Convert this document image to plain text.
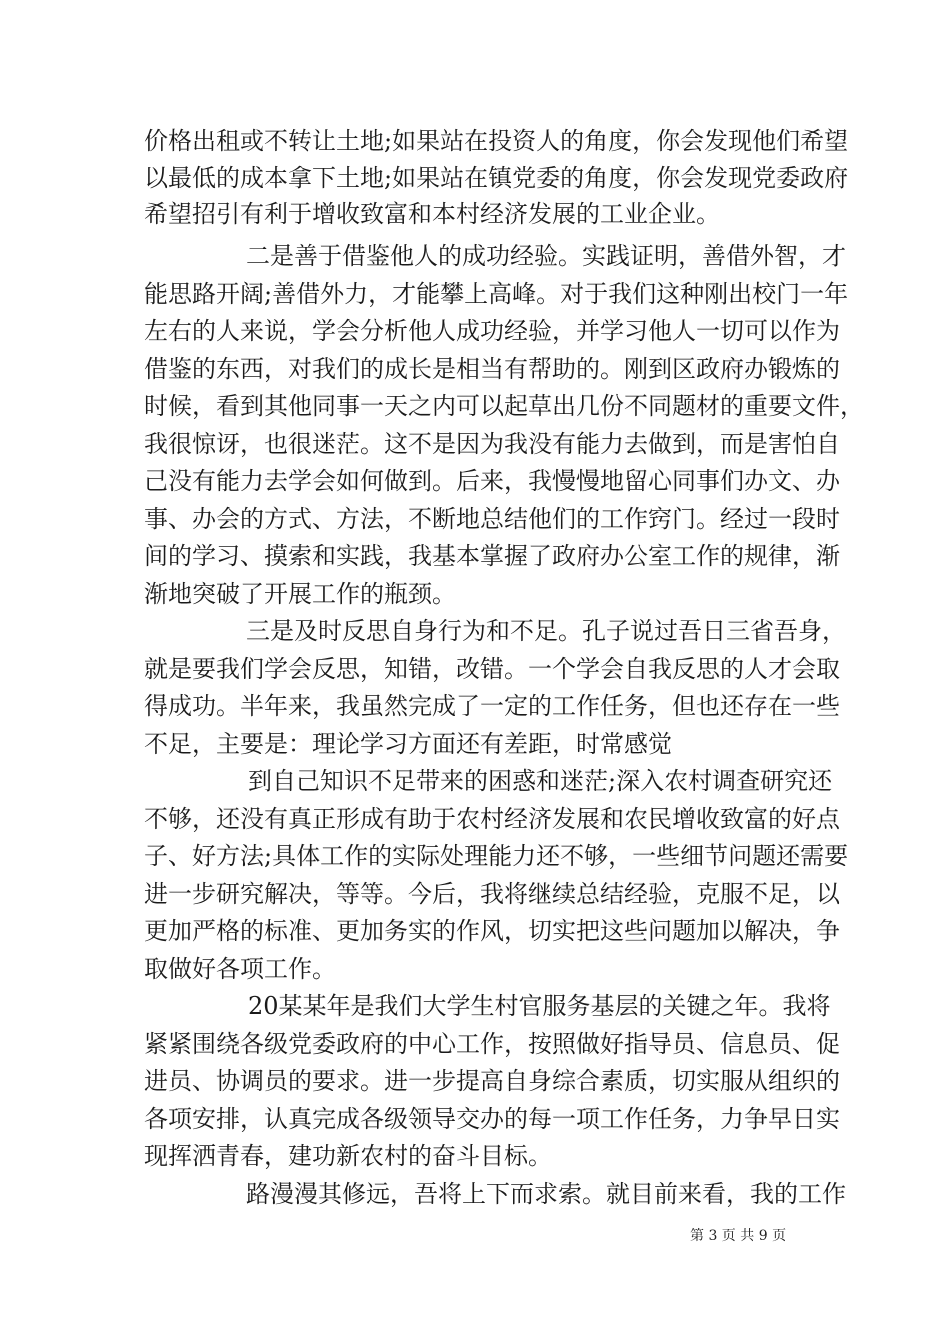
价格出租或不转让土地;如果站在投资人的角度，你会发现他们希望
以最低的成本拿下土地;如果站在镇党委的角度，你会发现党委政府
希望招引有利于增收致富和本村经济发展的工业企业。
二是善于借鉴他人的成功经验。实践证明，善借外智，才
能思路开阔;善借外力，才能攀上高峰。对于我们这种刚出校门一年
左右的人来说，学会分析他人成功经验，并学习他人一切可以作为
借鉴的东西，对我们的成长是相当有帮助的。刚到区政府办锻炼的
时候，看到其他同事一天之内可以起草出几份不同题材的重要文件，
我很惊讶，也很迷茫。这不是因为我没有能力去做到，而是害怕自
己没有能力去学会如何做到。后来，我慢慢地留心同事们办文、办
事、办会的方式、方法，不断地总结他们的工作窍门。经过一段时
间的学习、摸索和实践，我基本掌握了政府办公室工作的规律，渐
渐地突破了开展工作的瓶颈。
三是及时反思自身行为和不足。孔子说过吾日三省吾身，
就是要我们学会反思，知错，改错。一个学会自我反思的人才会取
得成功。半年来，我虽然完成了一定的工作任务，但也还存在一些
不足，主要是：理论学习方面还有差距，时常感觉
到自己知识不足带来的困惑和迷茫;深入农村调查研究还
不够，还没有真正形成有助于农村经济发展和农民增收致富的好点
子、好方法;具体工作的实际处理能力还不够，一些细节问题还需要
进一步研究解决，等等。今后，我将继续总结经验，克服不足，以
更加严格的标准、更加务实的作风，切实把这些问题加以解决，争
取做好各项工作。
20某某年是我们大学生村官服务基层的关键之年。我将
紧紧围绕各级党委政府的中心工作，按照做好指导员、信息员、促
进员、协调员的要求。进一步提高自身综合素质，切实服从组织的
各项安排，认真完成各级领导交办的每一项工作任务，力争早日实
现挥洒青春，建功新农村的奋斗目标。
路漫漫其修远，吾将上下而求索。就目前来看，我的工作
第 3 页 共 9 页
